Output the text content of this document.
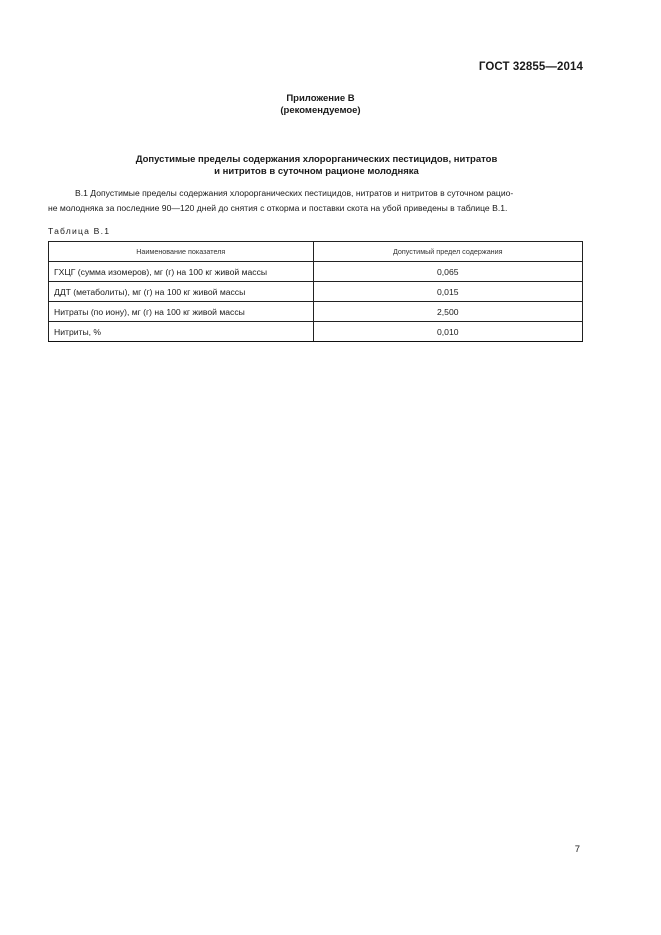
ГОСТ 32855—2014
Приложение В
(рекомендуемое)
Допустимые пределы содержания хлорорганических пестицидов, нитратов
и нитритов в суточном рационе молодняка
В.1 Допустимые пределы содержания хлорорганических пестицидов, нитратов и нитритов в суточном рацио-
не молодняка за последние 90—120 дней до снятия с откорма и поставки скота на убой приведены в таблице В.1.
Таблица В.1
Наименование показателя	Допустимый предел содержания
ГХЦГ (сумма изомеров), мг (г) на 100 кг живой массы	0,065
ДДТ (метаболиты), мг (г) на 100 кг живой массы	0,015
Нитраты (по иону), мг (г) на 100 кг живой массы	2,500
Нитриты, %	0,010
7
